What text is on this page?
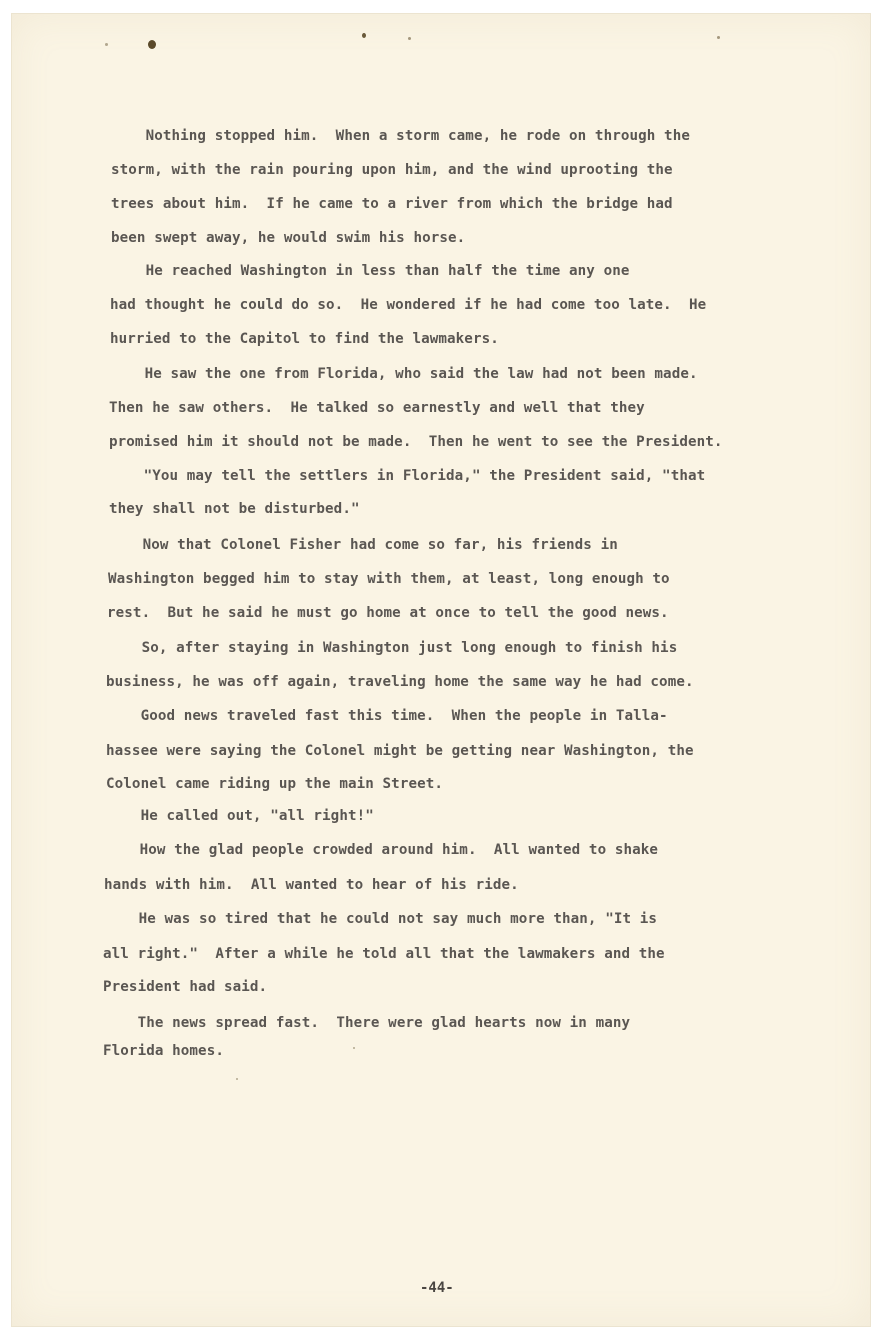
Nothing stopped him.  When a storm came, he rode on through the

storm, with the rain pouring upon him, and the wind uprooting the

trees about him.  If he came to a river from which the bridge had

been swept away, he would swim his horse.

He reached Washington in less than half the time any one

had thought he could do so.  He wondered if he had come too late.  He

hurried to the Capitol to find the lawmakers.

He saw the one from Florida, who said the law had not been made.

Then he saw others.  He talked so earnestly and well that they

promised him it should not be made.  Then he went to see the President.

"You may tell the settlers in Florida," the President said, "that

they shall not be disturbed."

Now that Colonel Fisher had come so far, his friends in

Washington begged him to stay with them, at least, long enough to

rest.  But he said he must go home at once to tell the good news.

So, after staying in Washington just long enough to finish his

business, he was off again, traveling home the same way he had come.

Good news traveled fast this time.  When the people in Talla-

hassee were saying the Colonel might be getting near Washington, the

Colonel came riding up the main Street.

He called out, "all right!"

How the glad people crowded around him.  All wanted to shake

hands with him.  All wanted to hear of his ride.

He was so tired that he could not say much more than, "It is

all right."  After a while he told all that the lawmakers and the

President had said.

The news spread fast.  There were glad hearts now in many

Florida homes.

-44-
